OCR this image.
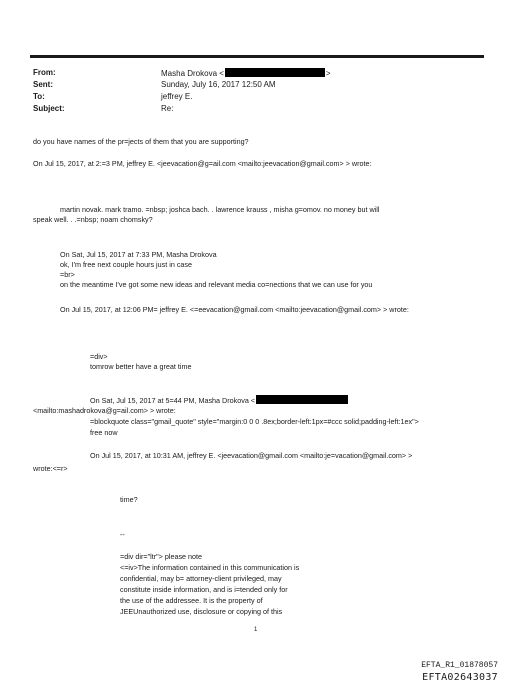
From:	Masha Drokova <	>
Sent:	Sunday, July 16, 2017 12:50 AM
To:	jeffrey E.
Subject:	Re:
do you have names of the pr=jects of them that you are supporting?
On Jul 15, 2017, at 2:=3 PM, jeffrey E. <jeevacation@g=ail.com <mailto:jeevacation@gmail.com> > wrote:
martin novak. mark tramo. =nbsp; joshca bach. . lawrence krauss , misha g=omov. no money but will
speak well. . .=nbsp; noam chomsky?
On Sat, Jul 15, 2017 at 7:33 PM, Masha Drokova
ok, I'm free next couple hours just in case
=br>
on the meantime I've got some new ideas and relevant media co=nections that we can use for you
On Jul 15, 2017, at 12:06 PM= jeffrey E. <=eevacation@gmail.com <mailto:jeevacation@gmail.com> > wrote:
=div>
tomrow better have a great time
On Sat, Jul 15, 2017 at 5=44 PM, Masha Drokova <
<mailto:mashadrokova@g=ail.com> > wrote:
=blockquote class="gmail_quote" style="margin:0 0 0 .8ex;border-left:1px=#ccc solid;padding-left:1ex">
free now
On Jul 15, 2017, at 10:31 AM, jeffrey E. <jeevacation@gmail.com <mailto:je=vacation@gmail.com> >
wrote:<=r>
time?
--
=div dir="ltr"> please note
<=iv>The information contained in this communication is
confidential, may b= attorney-client privileged, may
constitute inside information, and is i=tended only for
the use of the addressee. It is the property of
JEEUnauthorized use, disclosure or copying of this
1
EFTA_R1_01878057
EFTA02643037
